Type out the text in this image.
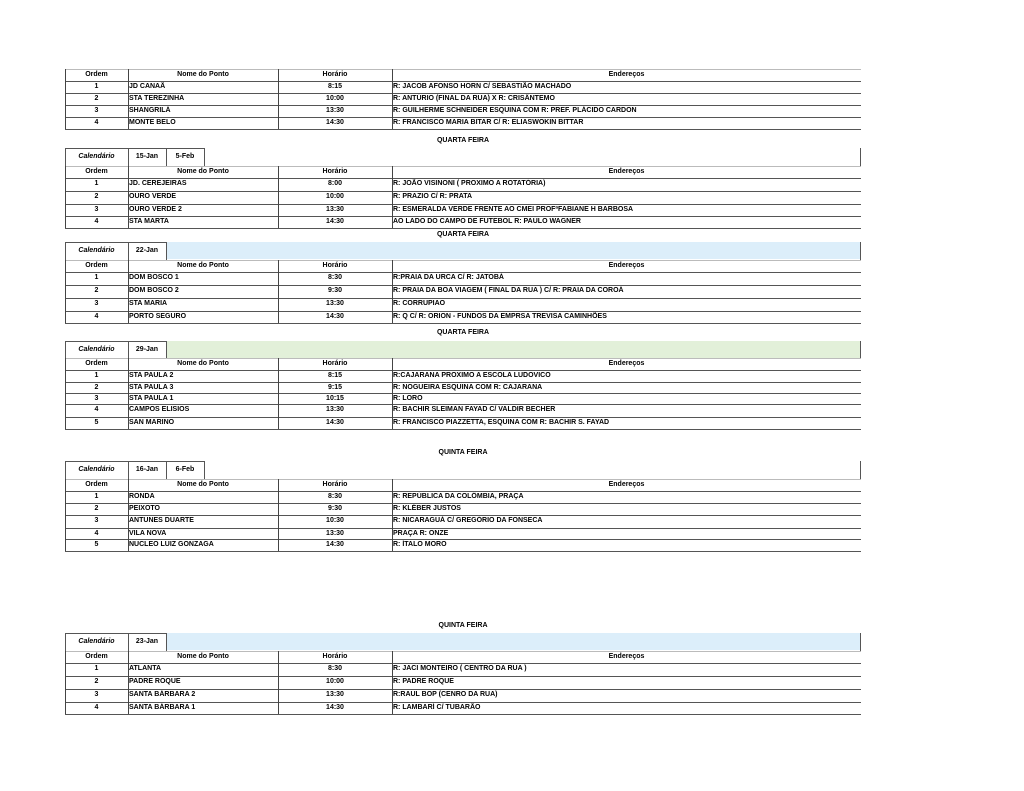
Ordem	Nome do Ponto	Horário	Endereços
1	JD CANAÃ	8:15	R: JACOB AFONSO HORN C/ SEBASTIÃO MACHADO
2	STA TEREZINHA	10:00	R: ANTÚRIO (FINAL DA RUA) X R: CRISÂNTEMO
3	SHANGRILÁ	13:30	R: GUILHERME SCHNEIDER ESQUINA COM R: PREF. PLÁCIDO CARDON
4	MONTE BELO	14:30	R: FRANCISCO MARIA BITAR C/ R: ELIASWOKIN BITTAR
QUARTA FEIRA
Calendário	15-Jan	5-Feb
Ordem	Nome do Ponto	Horário	Endereços
1	JD. CEREJEIRAS	8:00	R: JOÃO VISINONI ( PROXIMO A ROTATÓRIA)
2	OURO VERDE	10:00	R: PRAZIO C/ R: PRATA
3	OURO VERDE 2	13:30	R: ESMERALDA VERDE FRENTE AO CMEI PROFªFABIANE H BARBOSA
4	STA MARTA	14:30	AO LADO DO CAMPO DE FUTEBOL R: PAULO WAGNER
QUARTA FEIRA
Calendário	22-Jan
Ordem	Nome do Ponto	Horário	Endereços
1	DOM BOSCO 1	8:30	R:PRAIA DA URCA C/ R: JATOBÁ
2	DOM BOSCO 2	9:30	R: PRAIA DA BOA VIAGEM ( FINAL DA RUA ) C/ R: PRAIA DA COROÁ
3	STA MARIA	13:30	R: CORRUPIAO
4	PORTO SEGURO	14:30	R: Q C/ R: ORION - FUNDOS DA EMPRSA TREVISA CAMINHÕES
QUARTA FEIRA
Calendário	29-Jan
Ordem	Nome do Ponto	Horário	Endereços
1	STA PAULA 2	8:15	R:CAJARANA PROXIMO A ESCOLA LUDOVICO
2	STA PAULA 3	9:15	R: NOGUEIRA ESQUINA COM R: CAJARANA
3	STA PAULA 1	10:15	R: LORO
4	CAMPOS ELISIOS	13:30	R: BACHIR SLEIMAN FAYAD C/ VALDIR BECHER
5	SAN MARINO	14:30	R: FRANCISCO PIAZZETTA, ESQUINA COM R: BACHIR S. FAYAD
QUINTA FEIRA
Calendário	16-Jan	6-Feb
Ordem	Nome do Ponto	Horário	Endereços
1	RONDA	8:30	R: REPÚBLICA DA COLÔMBIA, PRAÇA
2	PEIXOTO	9:30	R: KLÉBER JUSTOS
3	ANTUNES DUARTE	10:30	R: NICARAGUÁ C/ GREGÓRIO DA FONSECA
4	VILA NOVA	13:30	PRAÇA R: ONZE
5	NUCLEO LUIZ GONZAGA	14:30	R: ÍTALO MORO
QUINTA FEIRA
Calendário	23-Jan
Ordem	Nome do Ponto	Horário	Endereços
1	ATLANTA	8:30	R: JACI MONTEIRO ( CENTRO DA RUA )
2	PADRE ROQUE	10:00	R: PADRE ROQUE
3	SANTA BÁRBARA 2	13:30	R:RAUL BOP (CENRO DA RUA)
4	SANTA BÁRBARA 1	14:30	R: LAMBARÍ C/ TUBARÃO
